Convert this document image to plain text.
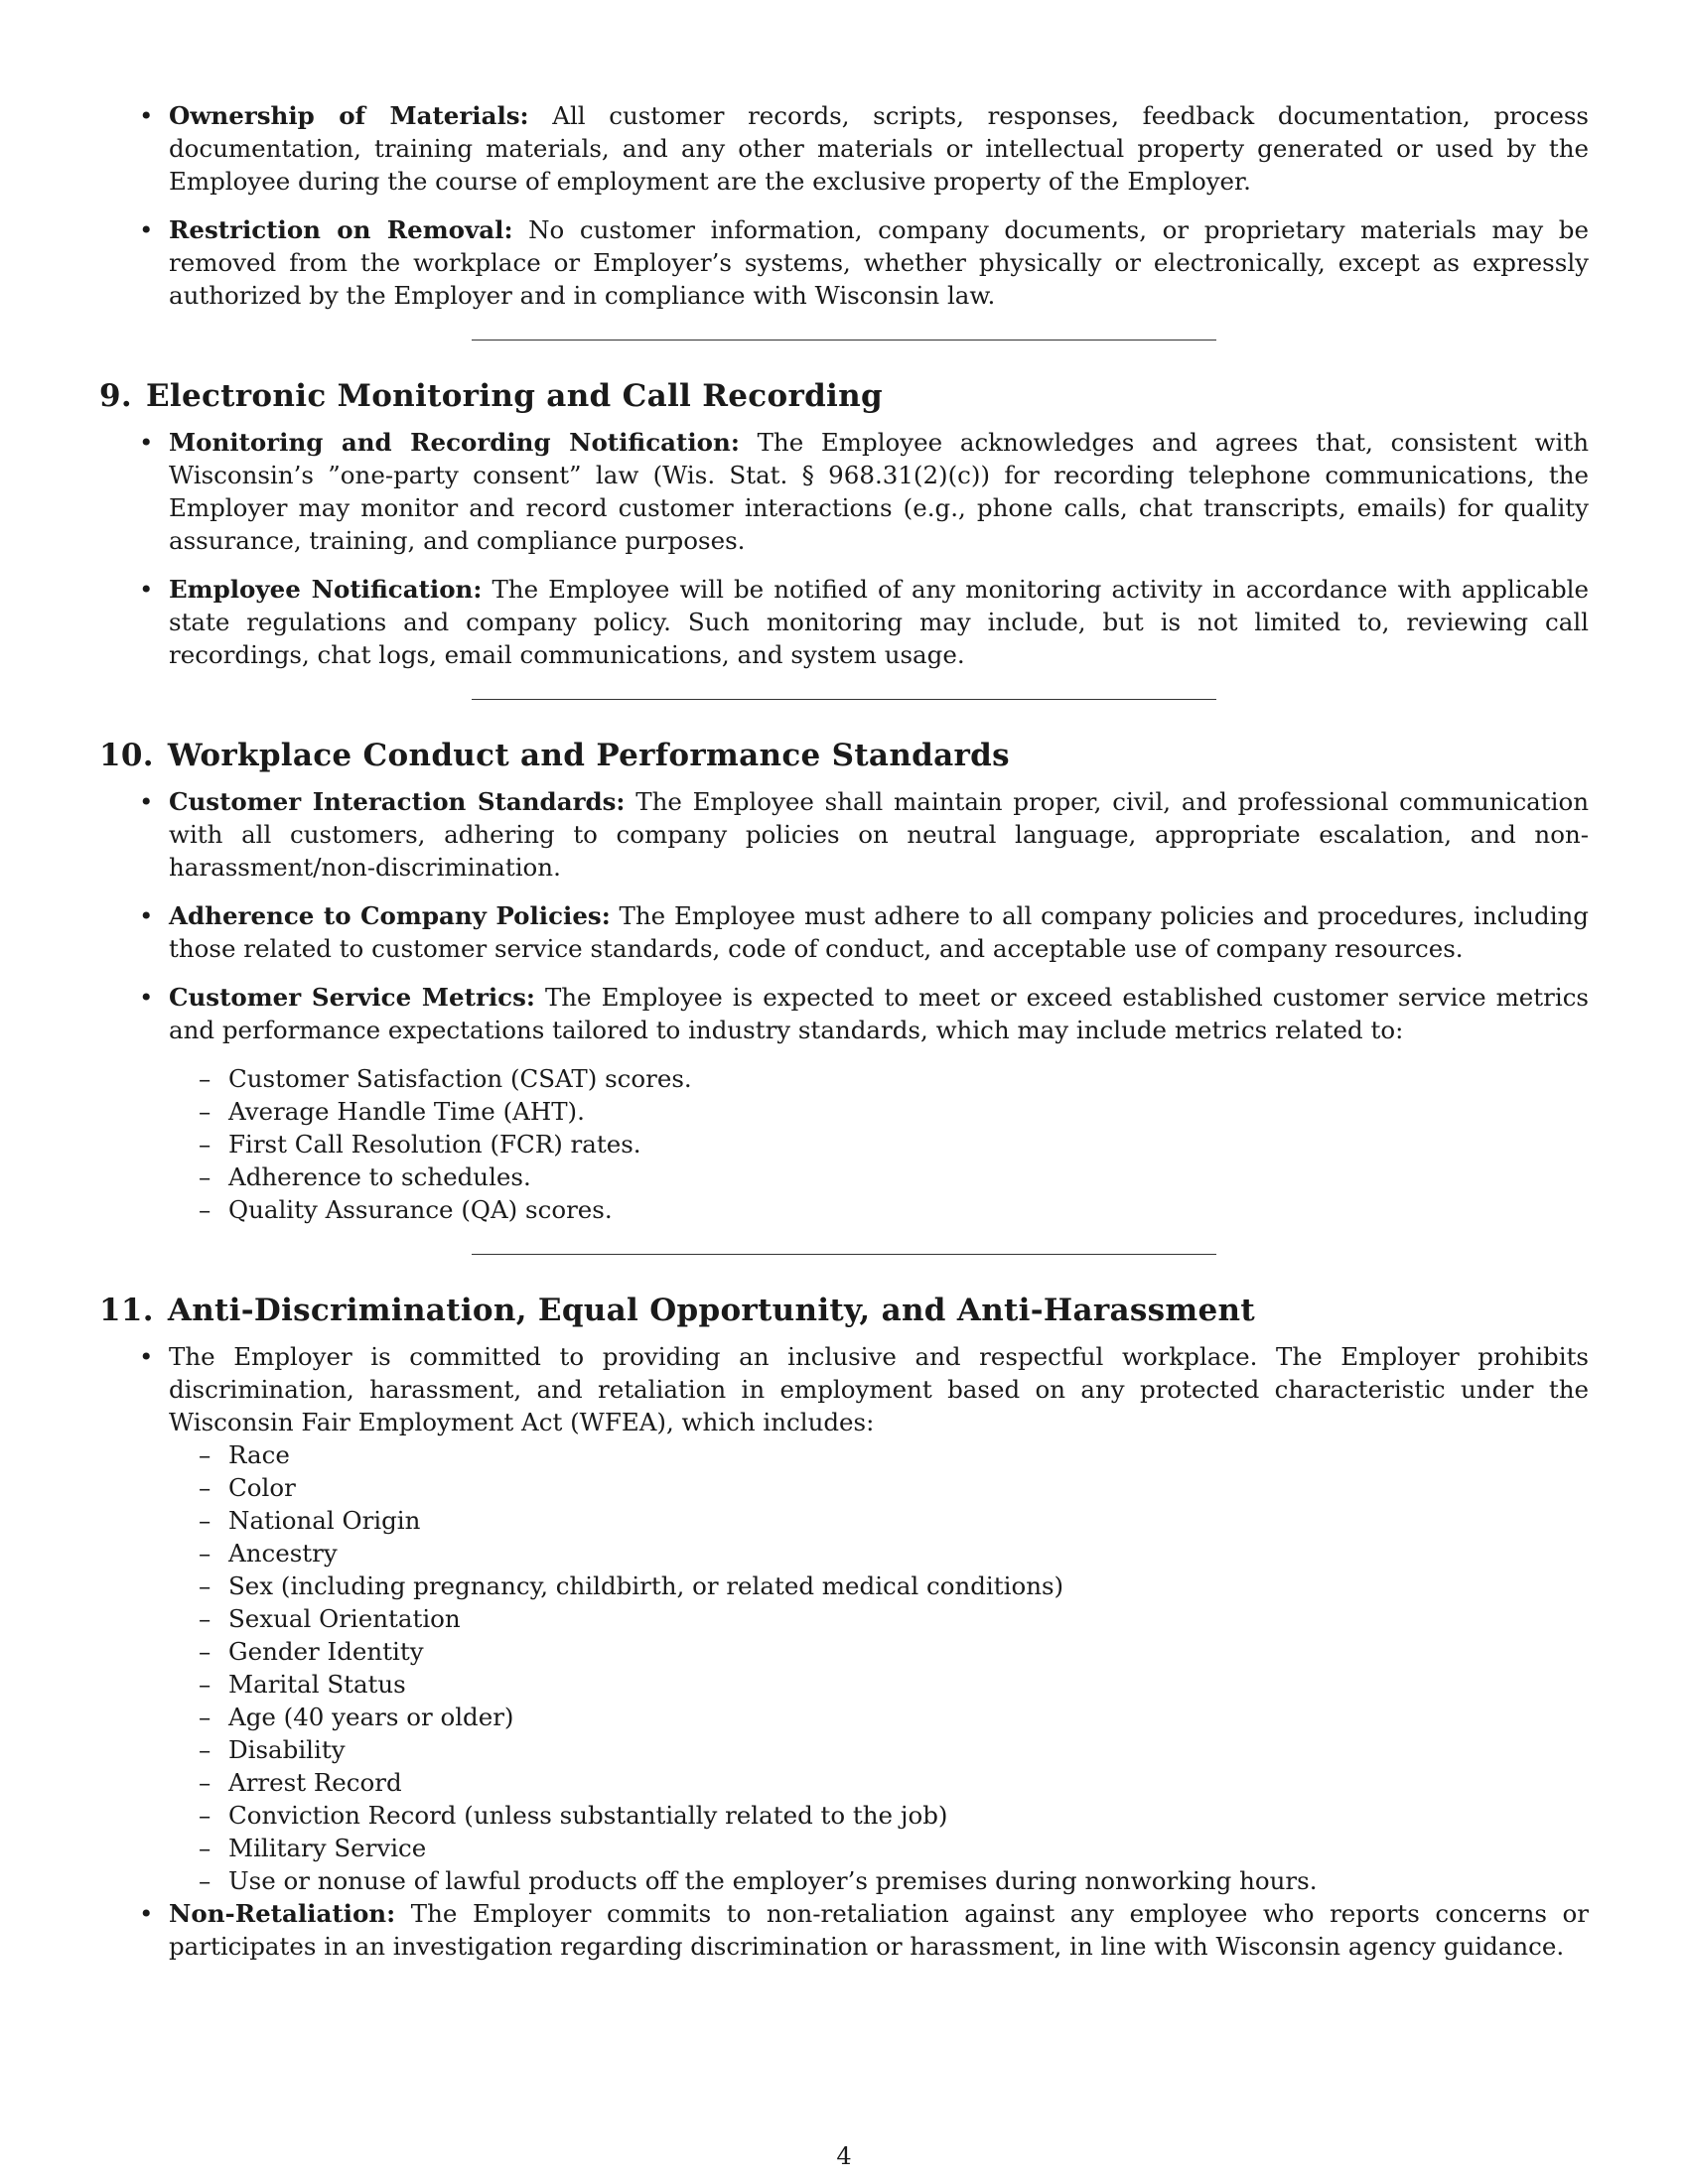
• Ownership of Materials: All customer records, scripts, responses, feedback documentation, process documentation, training materials, and any other materials or intellectual property generated or used by the Employee during the course of employment are the exclusive property of the Employer.
• Restriction on Removal: No customer information, company documents, or proprietary materials may be removed from the workplace or Employer’s systems, whether physically or electronically, except as expressly authorized by the Employer and in compliance with Wisconsin law.
9. Electronic Monitoring and Call Recording
• Monitoring and Recording Notification: The Employee acknowledges and agrees that, consistent with Wisconsin’s ”one-party consent” law (Wis. Stat. § 968.31(2)(c)) for recording telephone communications, the Employer may monitor and record customer interactions (e.g., phone calls, chat transcripts, emails) for quality assurance, training, and compliance purposes.
• Employee Notification: The Employee will be notified of any monitoring activity in accordance with applicable state regulations and company policy. Such monitoring may include, but is not limited to, reviewing call recordings, chat logs, email communications, and system usage.
10. Workplace Conduct and Performance Standards
• Customer Interaction Standards: The Employee shall maintain proper, civil, and professional communication with all customers, adhering to company policies on neutral language, appropriate escalation, and non-harassment/non-discrimination.
• Adherence to Company Policies: The Employee must adhere to all company policies and procedures, including those related to customer service standards, code of conduct, and acceptable use of company resources.
• Customer Service Metrics: The Employee is expected to meet or exceed established customer service metrics and performance expectations tailored to industry standards, which may include metrics related to:
– Customer Satisfaction (CSAT) scores.
– Average Handle Time (AHT).
– First Call Resolution (FCR) rates.
– Adherence to schedules.
– Quality Assurance (QA) scores.
11. Anti-Discrimination, Equal Opportunity, and Anti-Harassment
• The Employer is committed to providing an inclusive and respectful workplace. The Employer prohibits discrimination, harassment, and retaliation in employment based on any protected characteristic under the Wisconsin Fair Employment Act (WFEA), which includes:
– Race
– Color
– National Origin
– Ancestry
– Sex (including pregnancy, childbirth, or related medical conditions)
– Sexual Orientation
– Gender Identity
– Marital Status
– Age (40 years or older)
– Disability
– Arrest Record
– Conviction Record (unless substantially related to the job)
– Military Service
– Use or nonuse of lawful products off the employer’s premises during nonworking hours.
• Non-Retaliation: The Employer commits to non-retaliation against any employee who reports concerns or participates in an investigation regarding discrimination or harassment, in line with Wisconsin agency guidance.
4
